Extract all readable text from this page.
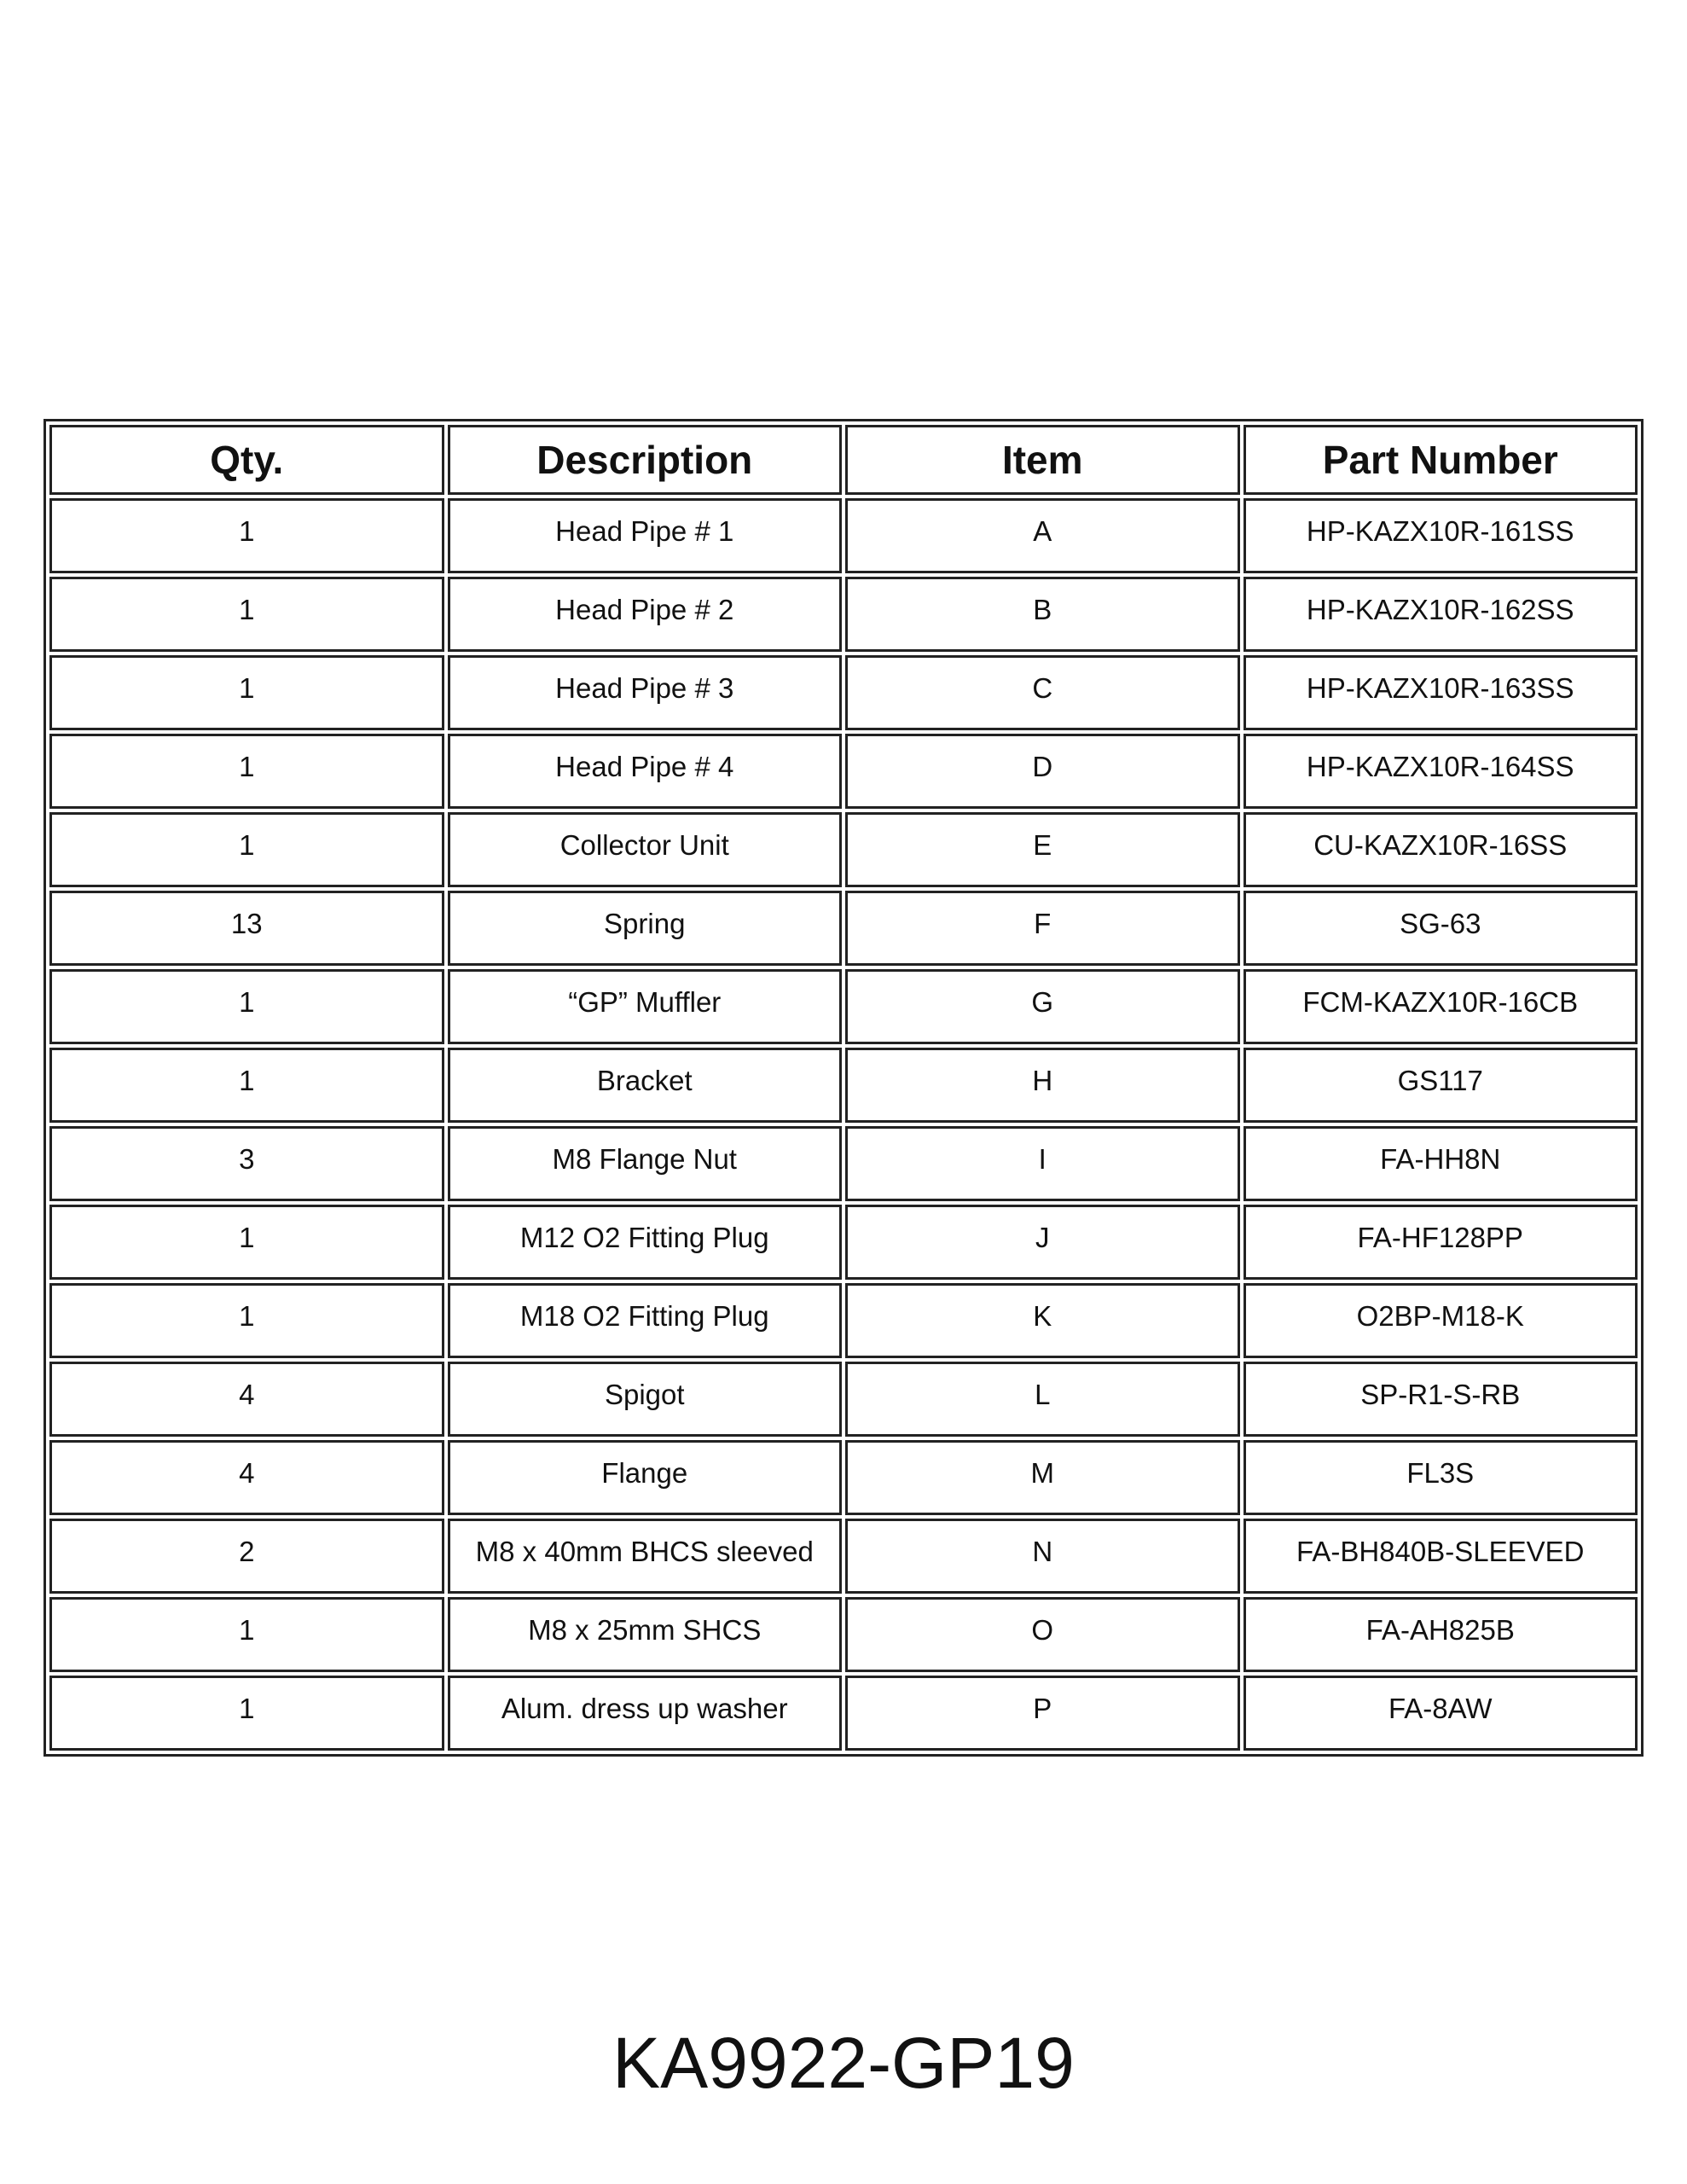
Qty.	Description	Item	Part Number
1	Head Pipe # 1	A	HP-KAZX10R-161SS
1	Head Pipe # 2	B	HP-KAZX10R-162SS
1	Head Pipe # 3	C	HP-KAZX10R-163SS
1	Head Pipe # 4	D	HP-KAZX10R-164SS
1	Collector Unit	E	CU-KAZX10R-16SS
13	Spring	F	SG-63
1	“GP” Muffler	G	FCM-KAZX10R-16CB
1	Bracket	H	GS117
3	M8 Flange Nut	I	FA-HH8N
1	M12 O2 Fitting Plug	J	FA-HF128PP
1	M18 O2 Fitting Plug	K	O2BP-M18-K
4	Spigot	L	SP-R1-S-RB
4	Flange	M	FL3S
2	M8 x 40mm BHCS sleeved	N	FA-BH840B-SLEEVED
1	M8 x 25mm SHCS	O	FA-AH825B
1	Alum. dress up washer	P	FA-8AW
KA9922-GP19
